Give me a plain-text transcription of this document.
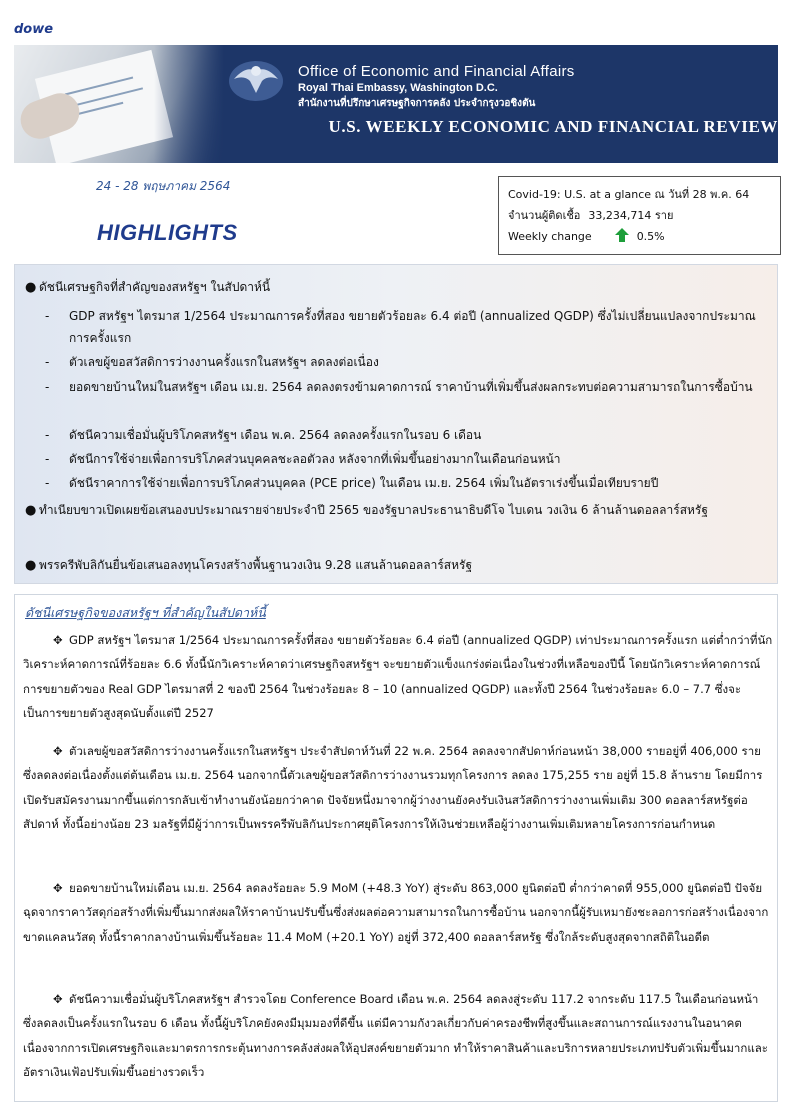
dowe
Office of Economic and Financial Affairs
Royal Thai Embassy, Washington D.C.
สำนักงานที่ปรึกษาเศรษฐกิจการคลัง ประจำกรุงวอชิงตัน
U.S. WEEKLY ECONOMIC AND FINANCIAL REVIEW
24 - 28 พฤษภาคม 2564
HIGHLIGHTS
Covid-19: U.S. at a glance ณ วันที่ 28 พ.ค. 64
จำนวนผู้ติดเชื้อ 33,234,714 ราย
Weekly change	0.5%
● ดัชนีเศรษฐกิจที่สำคัญของสหรัฐฯ ในสัปดาห์นี้
-	GDP สหรัฐฯ ไตรมาส 1/2564 ประมาณการครั้งที่สอง ขยายตัวร้อยละ 6.4 ต่อปี (annualized QGDP) ซึ่งไม่เปลี่ยนแปลงจากประมาณการครั้งแรก
-	ตัวเลขผู้ขอสวัสดิการว่างงานครั้งแรกในสหรัฐฯ ลดลงต่อเนื่อง
-	ยอดขายบ้านใหม่ในสหรัฐฯ เดือน เม.ย. 2564 ลดลงตรงข้ามคาดการณ์ ราคาบ้านที่เพิ่มขึ้นส่งผลกระทบต่อความสามารถในการซื้อบ้าน
-	ดัชนีความเชื่อมั่นผู้บริโภคสหรัฐฯ เดือน พ.ค. 2564 ลดลงครั้งแรกในรอบ 6 เดือน
-	ดัชนีการใช้จ่ายเพื่อการบริโภคส่วนบุคคลชะลอตัวลง หลังจากที่เพิ่มขึ้นอย่างมากในเดือนก่อนหน้า
-	ดัชนีราคาการใช้จ่ายเพื่อการบริโภคส่วนบุคคล (PCE price) ในเดือน เม.ย. 2564 เพิ่มในอัตราเร่งขึ้นเมื่อเทียบรายปี
● ทำเนียบขาวเปิดเผยข้อเสนองบประมาณรายจ่ายประจำปี 2565 ของรัฐบาลประธานาธิบดีโจ ไบเดน วงเงิน 6 ล้านล้านดอลลาร์สหรัฐ
● พรรครีพับลิกันยื่นข้อเสนอลงทุนโครงสร้างพื้นฐานวงเงิน 9.28 แสนล้านดอลลาร์สหรัฐ
ดัชนีเศรษฐกิจของสหรัฐฯ ที่สำคัญในสัปดาห์นี้
✥ GDP สหรัฐฯ ไตรมาส 1/2564 ประมาณการครั้งที่สอง ขยายตัวร้อยละ 6.4 ต่อปี (annualized QGDP) เท่าประมาณการครั้งแรก แต่ต่ำกว่าที่นักวิเคราะห์คาดการณ์ที่ร้อยละ 6.6 ทั้งนี้นักวิเคราะห์คาดว่าเศรษฐกิจสหรัฐฯ จะขยายตัวแข็งแกร่งต่อเนื่องในช่วงที่เหลือของปีนี้ โดยนักวิเคราะห์คาดการณ์การขยายตัวของ Real GDP ไตรมาสที่ 2 ของปี 2564 ในช่วงร้อยละ 8 – 10 (annualized QGDP) และทั้งปี 2564 ในช่วงร้อยละ 6.0 – 7.7 ซึ่งจะเป็นการขยายตัวสูงสุดนับตั้งแต่ปี 2527
✥ ตัวเลขผู้ขอสวัสดิการว่างงานครั้งแรกในสหรัฐฯ ประจำสัปดาห์วันที่ 22 พ.ค. 2564 ลดลงจากสัปดาห์ก่อนหน้า 38,000 รายอยู่ที่ 406,000 ราย ซึ่งลดลงต่อเนื่องตั้งแต่ต้นเดือน เม.ย. 2564 นอกจากนี้ตัวเลขผู้ขอสวัสดิการว่างงานรวมทุกโครงการ ลดลง 175,255 ราย อยู่ที่ 15.8 ล้านราย โดยมีการเปิดรับสมัครงานมากขึ้นแต่การกลับเข้าทำงานยังน้อยกว่าคาด ปัจจัยหนึ่งมาจากผู้ว่างงานยังคงรับเงินสวัสดิการว่างงานเพิ่มเติม 300 ดอลลาร์สหรัฐต่อสัปดาห์ ทั้งนี้อย่างน้อย 23 มลรัฐที่มีผู้ว่าการเป็นพรรครีพับลิกันประกาศยุติโครงการให้เงินช่วยเหลือผู้ว่างงานเพิ่มเติมหลายโครงการก่อนกำหนด
✥ ยอดขายบ้านใหม่เดือน เม.ย. 2564 ลดลงร้อยละ 5.9 MoM (+48.3 YoY) สู่ระดับ 863,000 ยูนิตต่อปี ต่ำกว่าคาดที่ 955,000 ยูนิตต่อปี ปัจจัยฉุดจากราคาวัสดุก่อสร้างที่เพิ่มขึ้นมากส่งผลให้ราคาบ้านปรับขึ้นซึ่งส่งผลต่อความสามารถในการซื้อบ้าน นอกจากนี้ผู้รับเหมายังชะลอการก่อสร้างเนื่องจากขาดแคลนวัสดุ ทั้งนี้ราคากลางบ้านเพิ่มขึ้นร้อยละ 11.4 MoM (+20.1 YoY) อยู่ที่ 372,400 ดอลลาร์สหรัฐ ซึ่งใกล้ระดับสูงสุดจากสถิติในอดีต
✥ ดัชนีความเชื่อมั่นผู้บริโภคสหรัฐฯ สำรวจโดย Conference Board เดือน พ.ค. 2564 ลดลงสู่ระดับ 117.2 จากระดับ 117.5 ในเดือนก่อนหน้า ซึ่งลดลงเป็นครั้งแรกในรอบ 6 เดือน ทั้งนี้ผู้บริโภคยังคงมีมุมมองที่ดีขึ้น แต่มีความกังวลเกี่ยวกับค่าครองชีพที่สูงขึ้นและสถานการณ์แรงงานในอนาคต เนื่องจากการเปิดเศรษฐกิจและมาตรการกระตุ้นทางการคลังส่งผลให้อุปสงค์ขยายตัวมาก ทำให้ราคาสินค้าและบริการหลายประเภทปรับตัวเพิ่มขึ้นมากและอัตราเงินเฟ้อปรับเพิ่มขึ้นอย่างรวดเร็ว
